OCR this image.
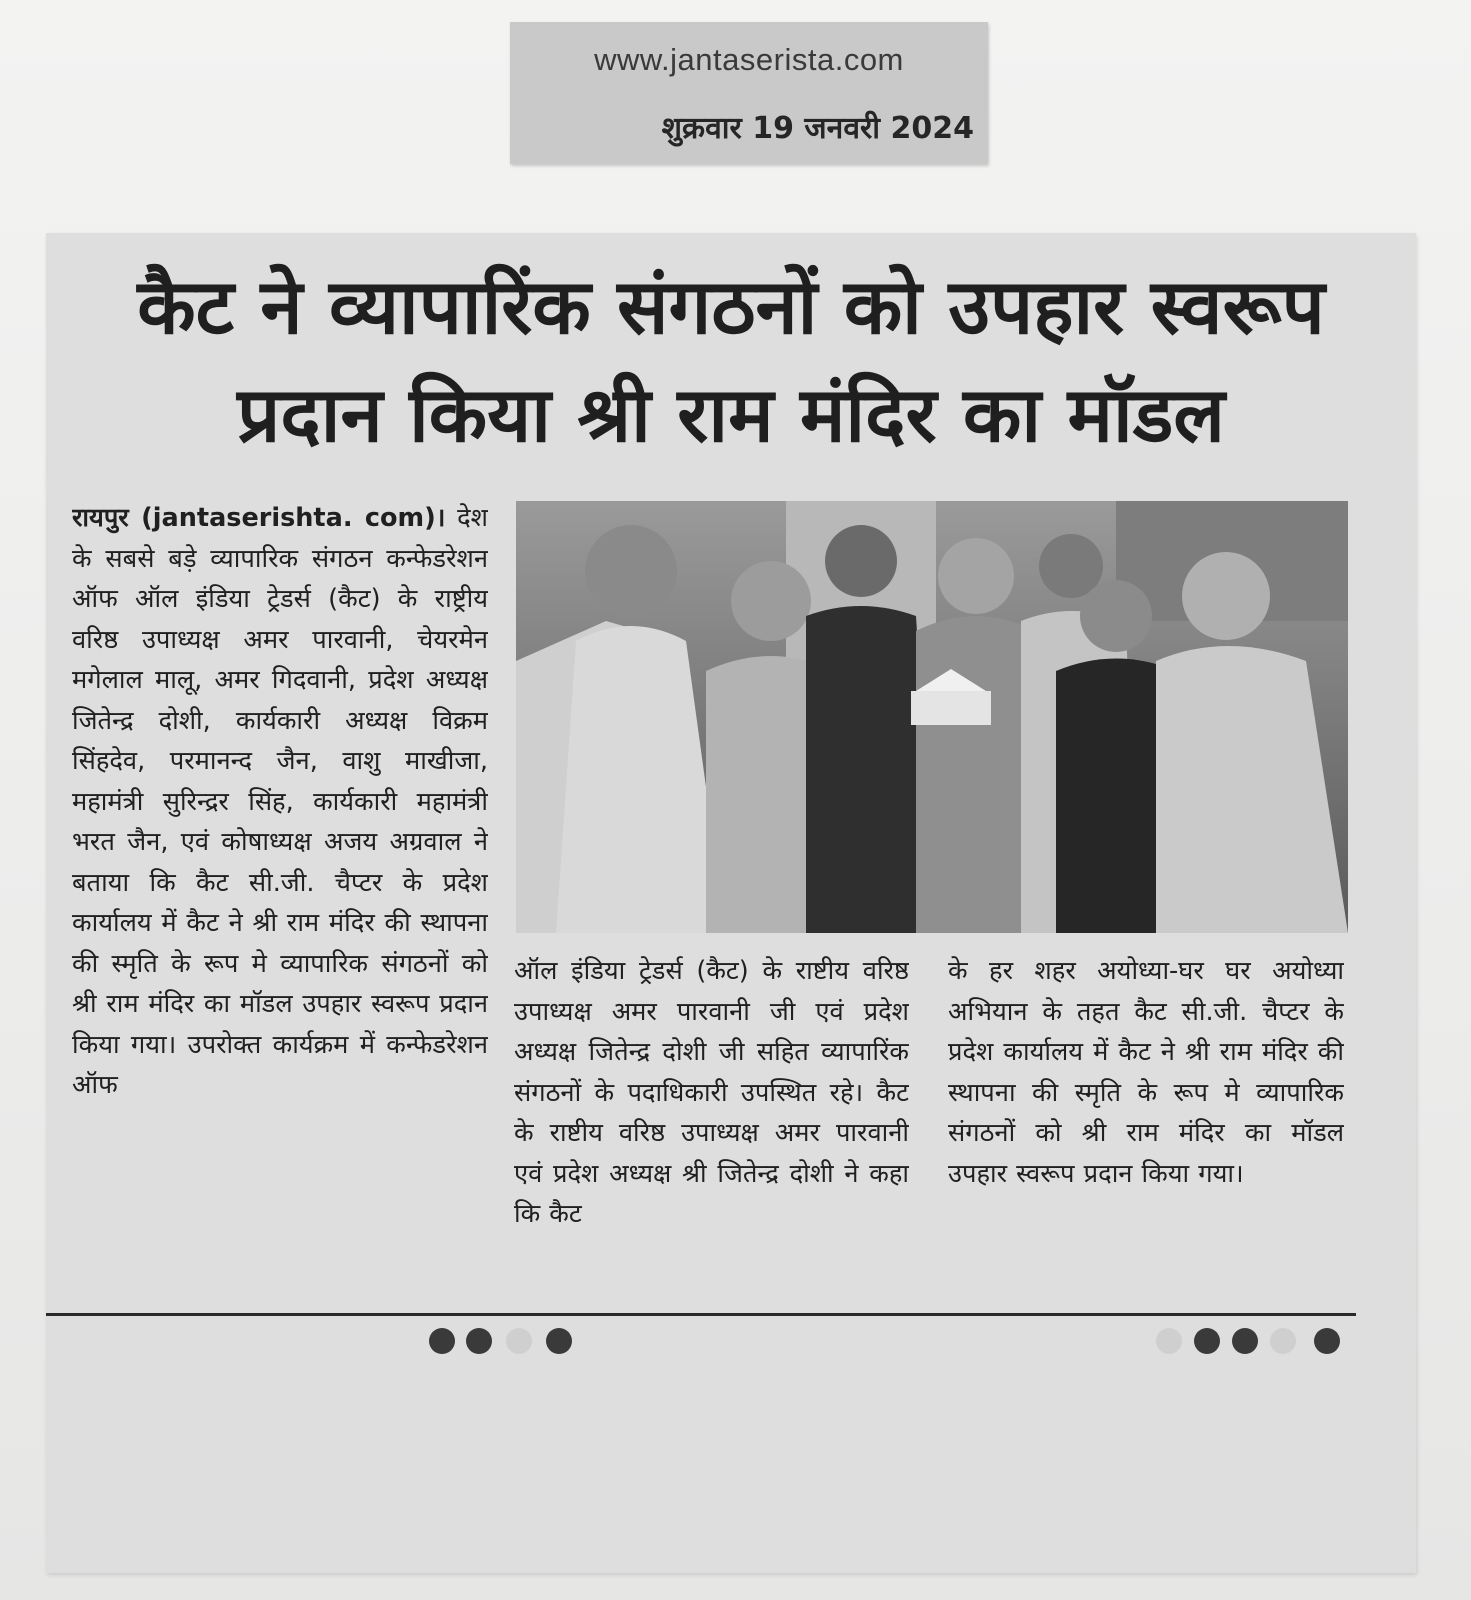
www.jantaserista.com
शुक्रवार 19 जनवरी 2024
कैट ने व्यापारिंक संगठनों को उपहार स्वरूप
प्रदान किया श्री राम मंदिर का मॉडल
रायपुर (jantaserishta. com)। देश के सबसे बड़े व्यापारिक संगठन कन्फेडरेशन ऑफ ऑल इंडिया ट्रेडर्स (कैट) के राष्ट्रीय वरिष्ठ उपाध्यक्ष अमर पारवानी, चेयरमेन मगेलाल मालू, अमर गिदवानी, प्रदेश अध्यक्ष जितेन्द्र दोशी, कार्यकारी अध्यक्ष विक्रम सिंहदेव, परमानन्द जैन, वाशु माखीजा, महामंत्री सुरिन्द्रर सिंह, कार्यकारी महामंत्री भरत जैन, एवं कोषाध्यक्ष अजय अग्रवाल ने बताया कि कैट सी.जी. चैप्टर के प्रदेश कार्यालय में कैट ने श्री राम मंदिर की स्थापना की स्मृति के रूप मे व्यापारिक संगठनों को श्री राम मंदिर का मॉडल उपहार स्वरूप प्रदान किया गया। उपरोक्त कार्यक्रम में कन्फेडरेशन ऑफ
ऑल इंडिया ट्रेडर्स (कैट) के राष्टीय वरिष्ठ उपाध्यक्ष अमर पारवानी जी एवं प्रदेश अध्यक्ष जितेन्द्र दोशी जी सहित व्यापारिंक संगठनों के पदाधिकारी उपस्थित रहे। कैट के राष्टीय वरिष्ठ उपाध्यक्ष अमर पारवानी एवं प्रदेश अध्यक्ष श्री जितेन्द्र दोशी ने कहा कि कैट
के हर शहर अयोध्या-घर घर अयोध्या अभियान के तहत कैट सी.जी. चैप्टर के प्रदेश कार्यालय में कैट ने श्री राम मंदिर की स्थापना की स्मृति के रूप मे व्यापारिक संगठनों को श्री राम मंदिर का मॉडल उपहार स्वरूप प्रदान किया गया।
